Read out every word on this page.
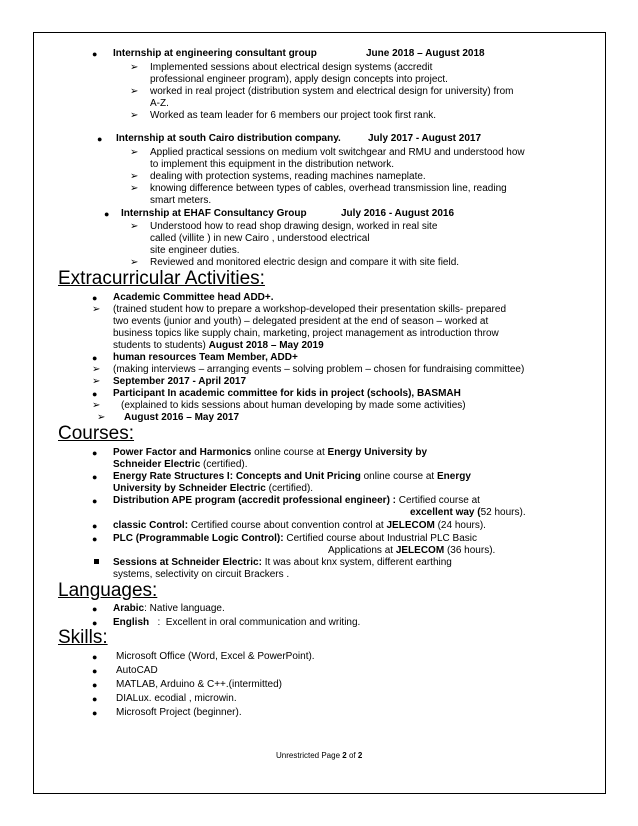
● Internship at engineering consultant group	June 2018 – August 2018
➢ Implemented sessions about electrical design systems (accredit
professional engineer program), apply design concepts into project.
➢ worked in real project (distribution system and electrical design for university) from
A-Z.
➢ Worked as team leader for 6 members our project took first rank.
● Internship at south Cairo distribution company.	July 2017 - August 2017
➢ Applied practical sessions on medium volt switchgear and RMU and understood how
to implement this equipment in the distribution network.
➢ dealing with protection systems, reading machines nameplate.
➢ knowing difference between types of cables, overhead transmission line, reading
smart meters.
● Internship at EHAF Consultancy Group	July 2016 - August 2016
➢ Understood how to read shop drawing design, worked in real site
called (villite ) in new Cairo , understood electrical
site engineer duties.
➢ Reviewed and monitored electric design and compare it with site field.
Extracurricular Activities:
● Academic Committee head ADD+.
➢ (trained student how to prepare a workshop-developed their presentation skills- prepared
two events (junior and youth) – delegated president at the end of season – worked at
business topics like supply chain, marketing, project management as introduction throw
students to students) August 2018 – May 2019
● human resources Team Member, ADD+
➢ (making interviews – arranging events – solving problem – chosen for fundraising committee)
➢ September 2017 - April 2017
● Participant In academic committee for kids in project (schools), BASMAH
➢ (explained to kids sessions about human developing by made some activities)
➢ August 2016 – May 2017
Courses:
● Power Factor and Harmonics online course at Energy University by
Schneider Electric (certified).
● Energy Rate Structures I: Concepts and Unit Pricing online course at Energy
University by Schneider Electric (certified).
● Distribution APE program (accredit professional engineer) : Certified course at
excellent way (52 hours).
● classic Control: Certified course about convention control at JELECOM (24 hours).
● PLC (Programmable Logic Control): Certified course about Industrial PLC Basic
Applications at JELECOM (36 hours).
Sessions at Schneider Electric: It was about knx system, different earthing
systems, selectivity on circuit Brackers .
Languages:
● Arabic: Native language.
● English   :  Excellent in oral communication and writing.
Skills:
● Microsoft Office (Word, Excel & PowerPoint).
● AutoCAD
● MATLAB, Arduino & C++.(intermitted)
● DIALux. ecodial , microwin.
● Microsoft Project (beginner).
Unrestricted Page 2 of 2
